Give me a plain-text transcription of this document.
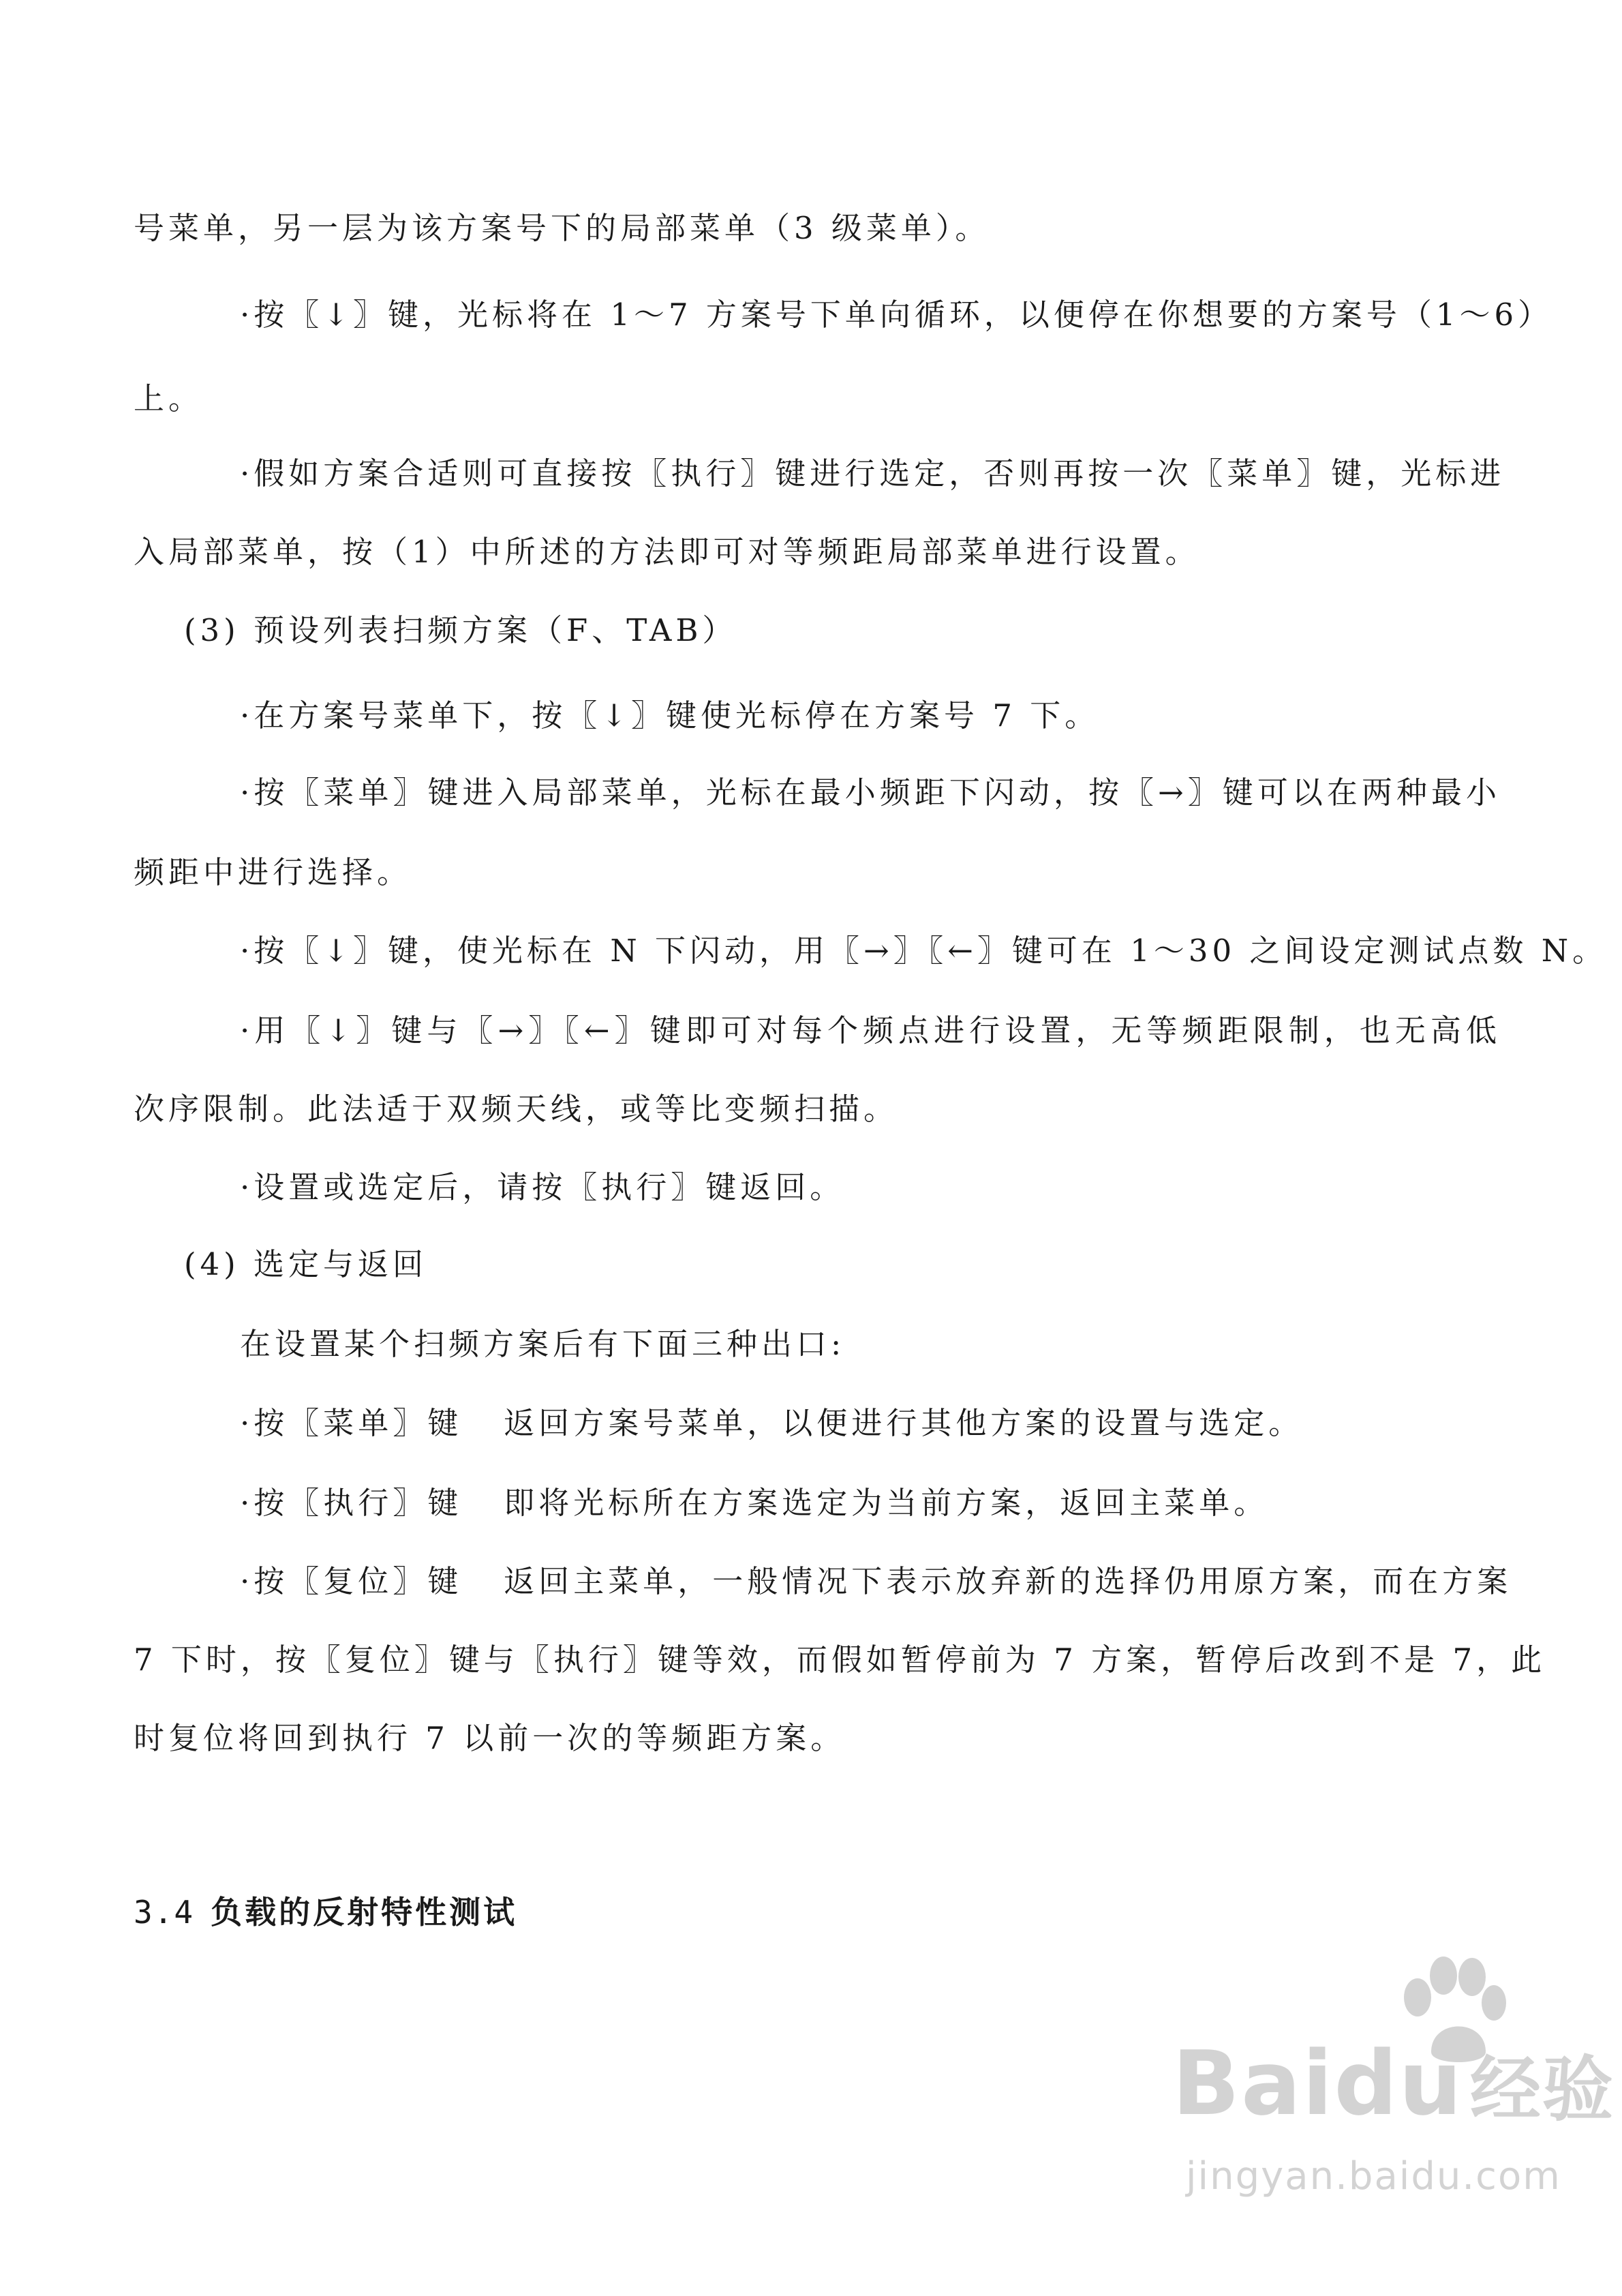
号菜单，另一层为该方案号下的局部菜单（3 级菜单）。
·按〖↓〗键，光标将在 1～7 方案号下单向循环，以便停在你想要的方案号（1～6）
上。
·假如方案合适则可直接按〖执行〗键进行选定，否则再按一次〖菜单〗键，光标进
入局部菜单，按（1）中所述的方法即可对等频距局部菜单进行设置。
(3) 预设列表扫频方案（F、TAB）
·在方案号菜单下，按〖↓〗键使光标停在方案号 7 下。
·按〖菜单〗键进入局部菜单，光标在最小频距下闪动，按〖→〗键可以在两种最小
频距中进行选择。
·按〖↓〗键，使光标在 N 下闪动，用〖→〗〖←〗键可在 1～30 之间设定测试点数 N。
·用〖↓〗键与〖→〗〖←〗键即可对每个频点进行设置，无等频距限制，也无高低
次序限制。此法适于双频天线，或等比变频扫描。
·设置或选定后，请按〖执行〗键返回。
(4) 选定与返回
在设置某个扫频方案后有下面三种出口:
·按〖菜单〗键   返回方案号菜单，以便进行其他方案的设置与选定。
·按〖执行〗键   即将光标所在方案选定为当前方案，返回主菜单。
·按〖复位〗键   返回主菜单，一般情况下表示放弃新的选择仍用原方案，而在方案
7 下时，按〖复位〗键与〖执行〗键等效，而假如暂停前为 7 方案，暂停后改到不是 7，此
时复位将回到执行 7 以前一次的等频距方案。
3.4 负载的反射特性测试
Baidu经验
jingyan.baidu.com
